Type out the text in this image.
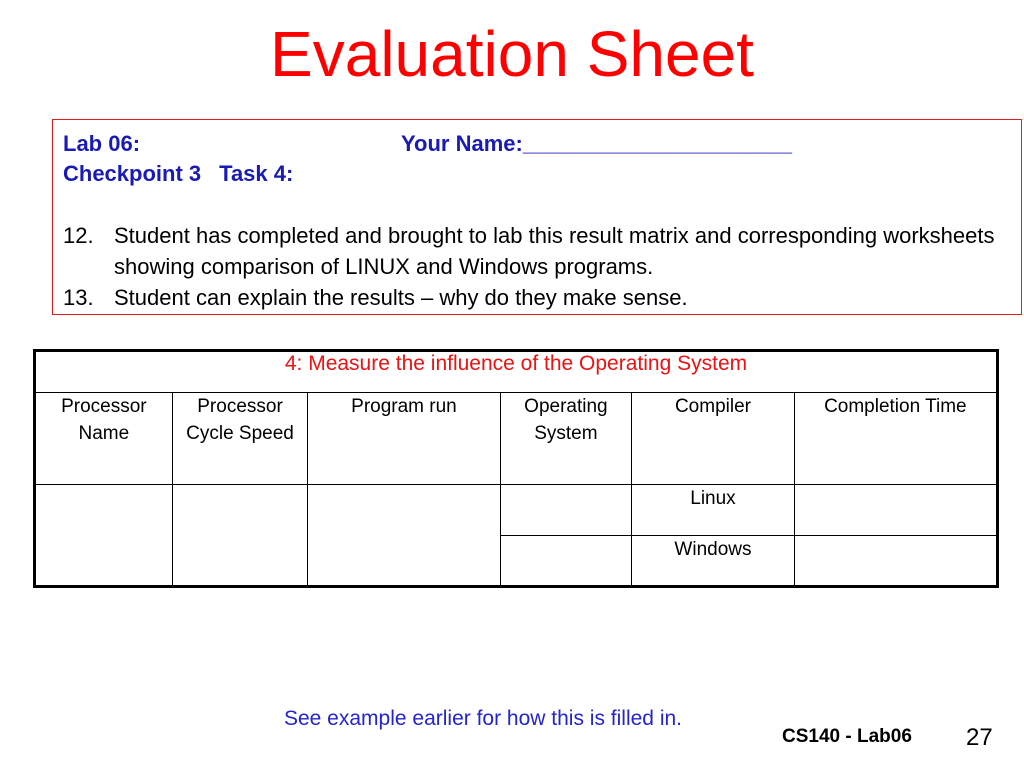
Evaluation Sheet
Lab 06:	Your Name:______________________
Checkpoint 3 Task 4:
12. Student has completed and brought to lab this result matrix and corresponding worksheets showing comparison of LINUX and Windows programs.
13. Student can explain the results – why do they make sense.
4: Measure the influence of the Operating System					
Processor Name	Processor Cycle Speed	Program run	Operating System	Compiler	Completion Time
				Linux	
				Windows	
See example earlier for how this is filled in.
CS140 - Lab06 27
